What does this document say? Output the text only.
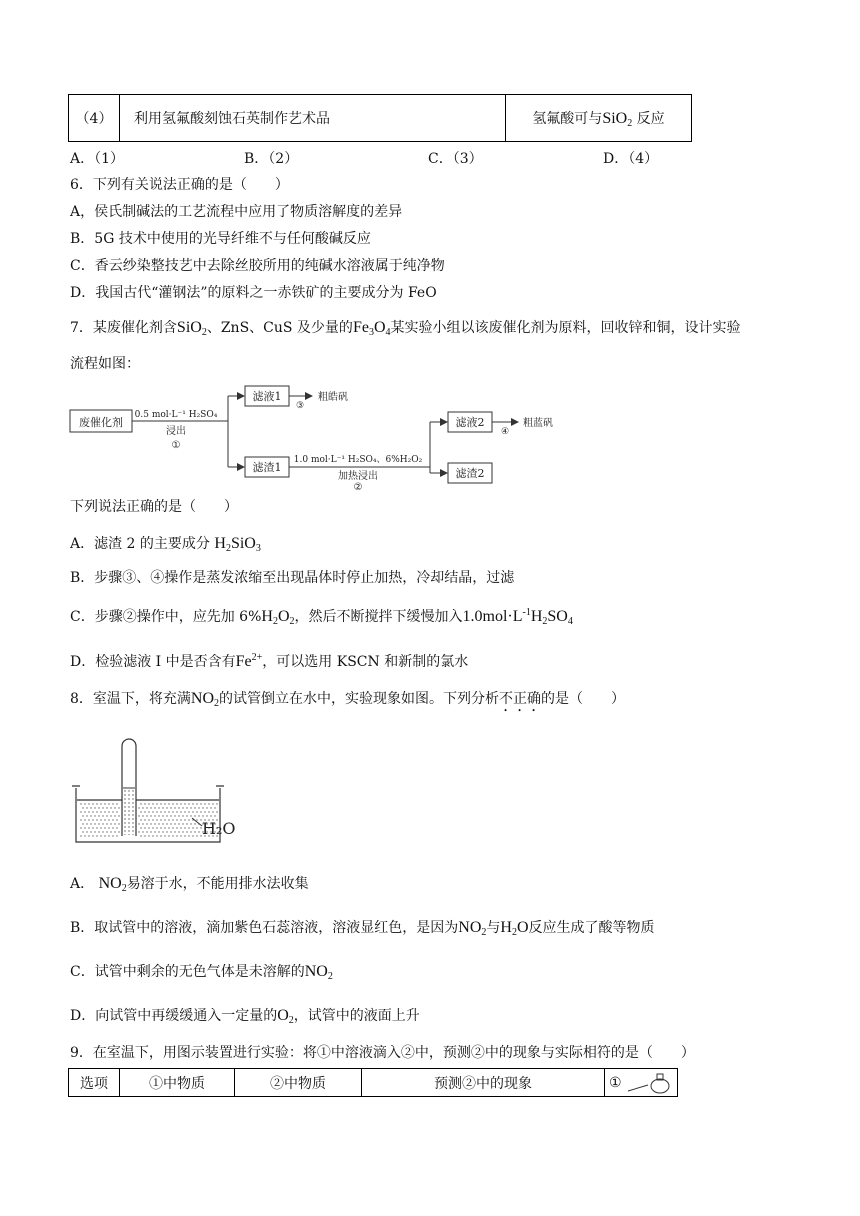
（4）	利用氢氟酸刻蚀石英制作艺术品	氢氟酸可与SiO$_2$ 反应
A．（1）	B．（2）	C．（3）	D．（4）
6．下列有关说法正确的是（　　）
A，侯氏制碱法的工艺流程中应用了物质溶解度的差异
B．5G 技术中使用的光导纤维不与任何酸碱反应
C．香云纱染整技艺中去除丝胶所用的纯碱水溶液属于纯净物
D．我国古代“灌钢法”的原料之一赤铁矿的主要成分为 FeO
7．某废催化剂含SiO$_2$、ZnS、CuS 及少量的$Fe_3O_4$某实验小组以该废催化剂为原料，回收锌和铜，设计实验
流程如图：
废催化剂
0.5 mol·L⁻¹ H₂SO₄
浸出
①
滤液1
③
粗皓矾
滤渣1
1.0 mol·L⁻¹ H₂SO₄、6%H₂O₂
加热浸出
②
滤液2
④
粗蓝矾
滤渣2
下列说法正确的是（　　）
A．滤渣 2 的主要成分 $H_2SiO_3$
B．步骤③、④操作是蒸发浓缩至出现晶体时停止加热，冷却结晶，过滤
C．步骤②操作中，应先加 $6\%H_2O_2$，然后不断搅拌下缓慢加入$1.0mol\cdot L^{-1}H_2SO_4$
D．检验滤液 I 中是否含有$Fe^{2+}$，可以选用 KSCN 和新制的氯水
8．室温下，将充满$NO_2$的试管倒立在水中，实验现象如图。下列分析不正确的是（　　）
H₂O
A． $NO_2$易溶于水，不能用排水法收集
B．取试管中的溶液，滴加紫色石蕊溶液，溶液显红色，是因为$NO_2$与$H_2O$反应生成了酸等物质
C．试管中剩余的无色气体是未溶解的$NO_2$
D．向试管中再缓缓通入一定量的$O_2$，试管中的液面上升
9．在室温下，用图示装置进行实验：将①中溶液滴入②中，预测②中的现象与实际相符的是（　　）
选项	①中物质	②中物质	预测②中的现象	①
